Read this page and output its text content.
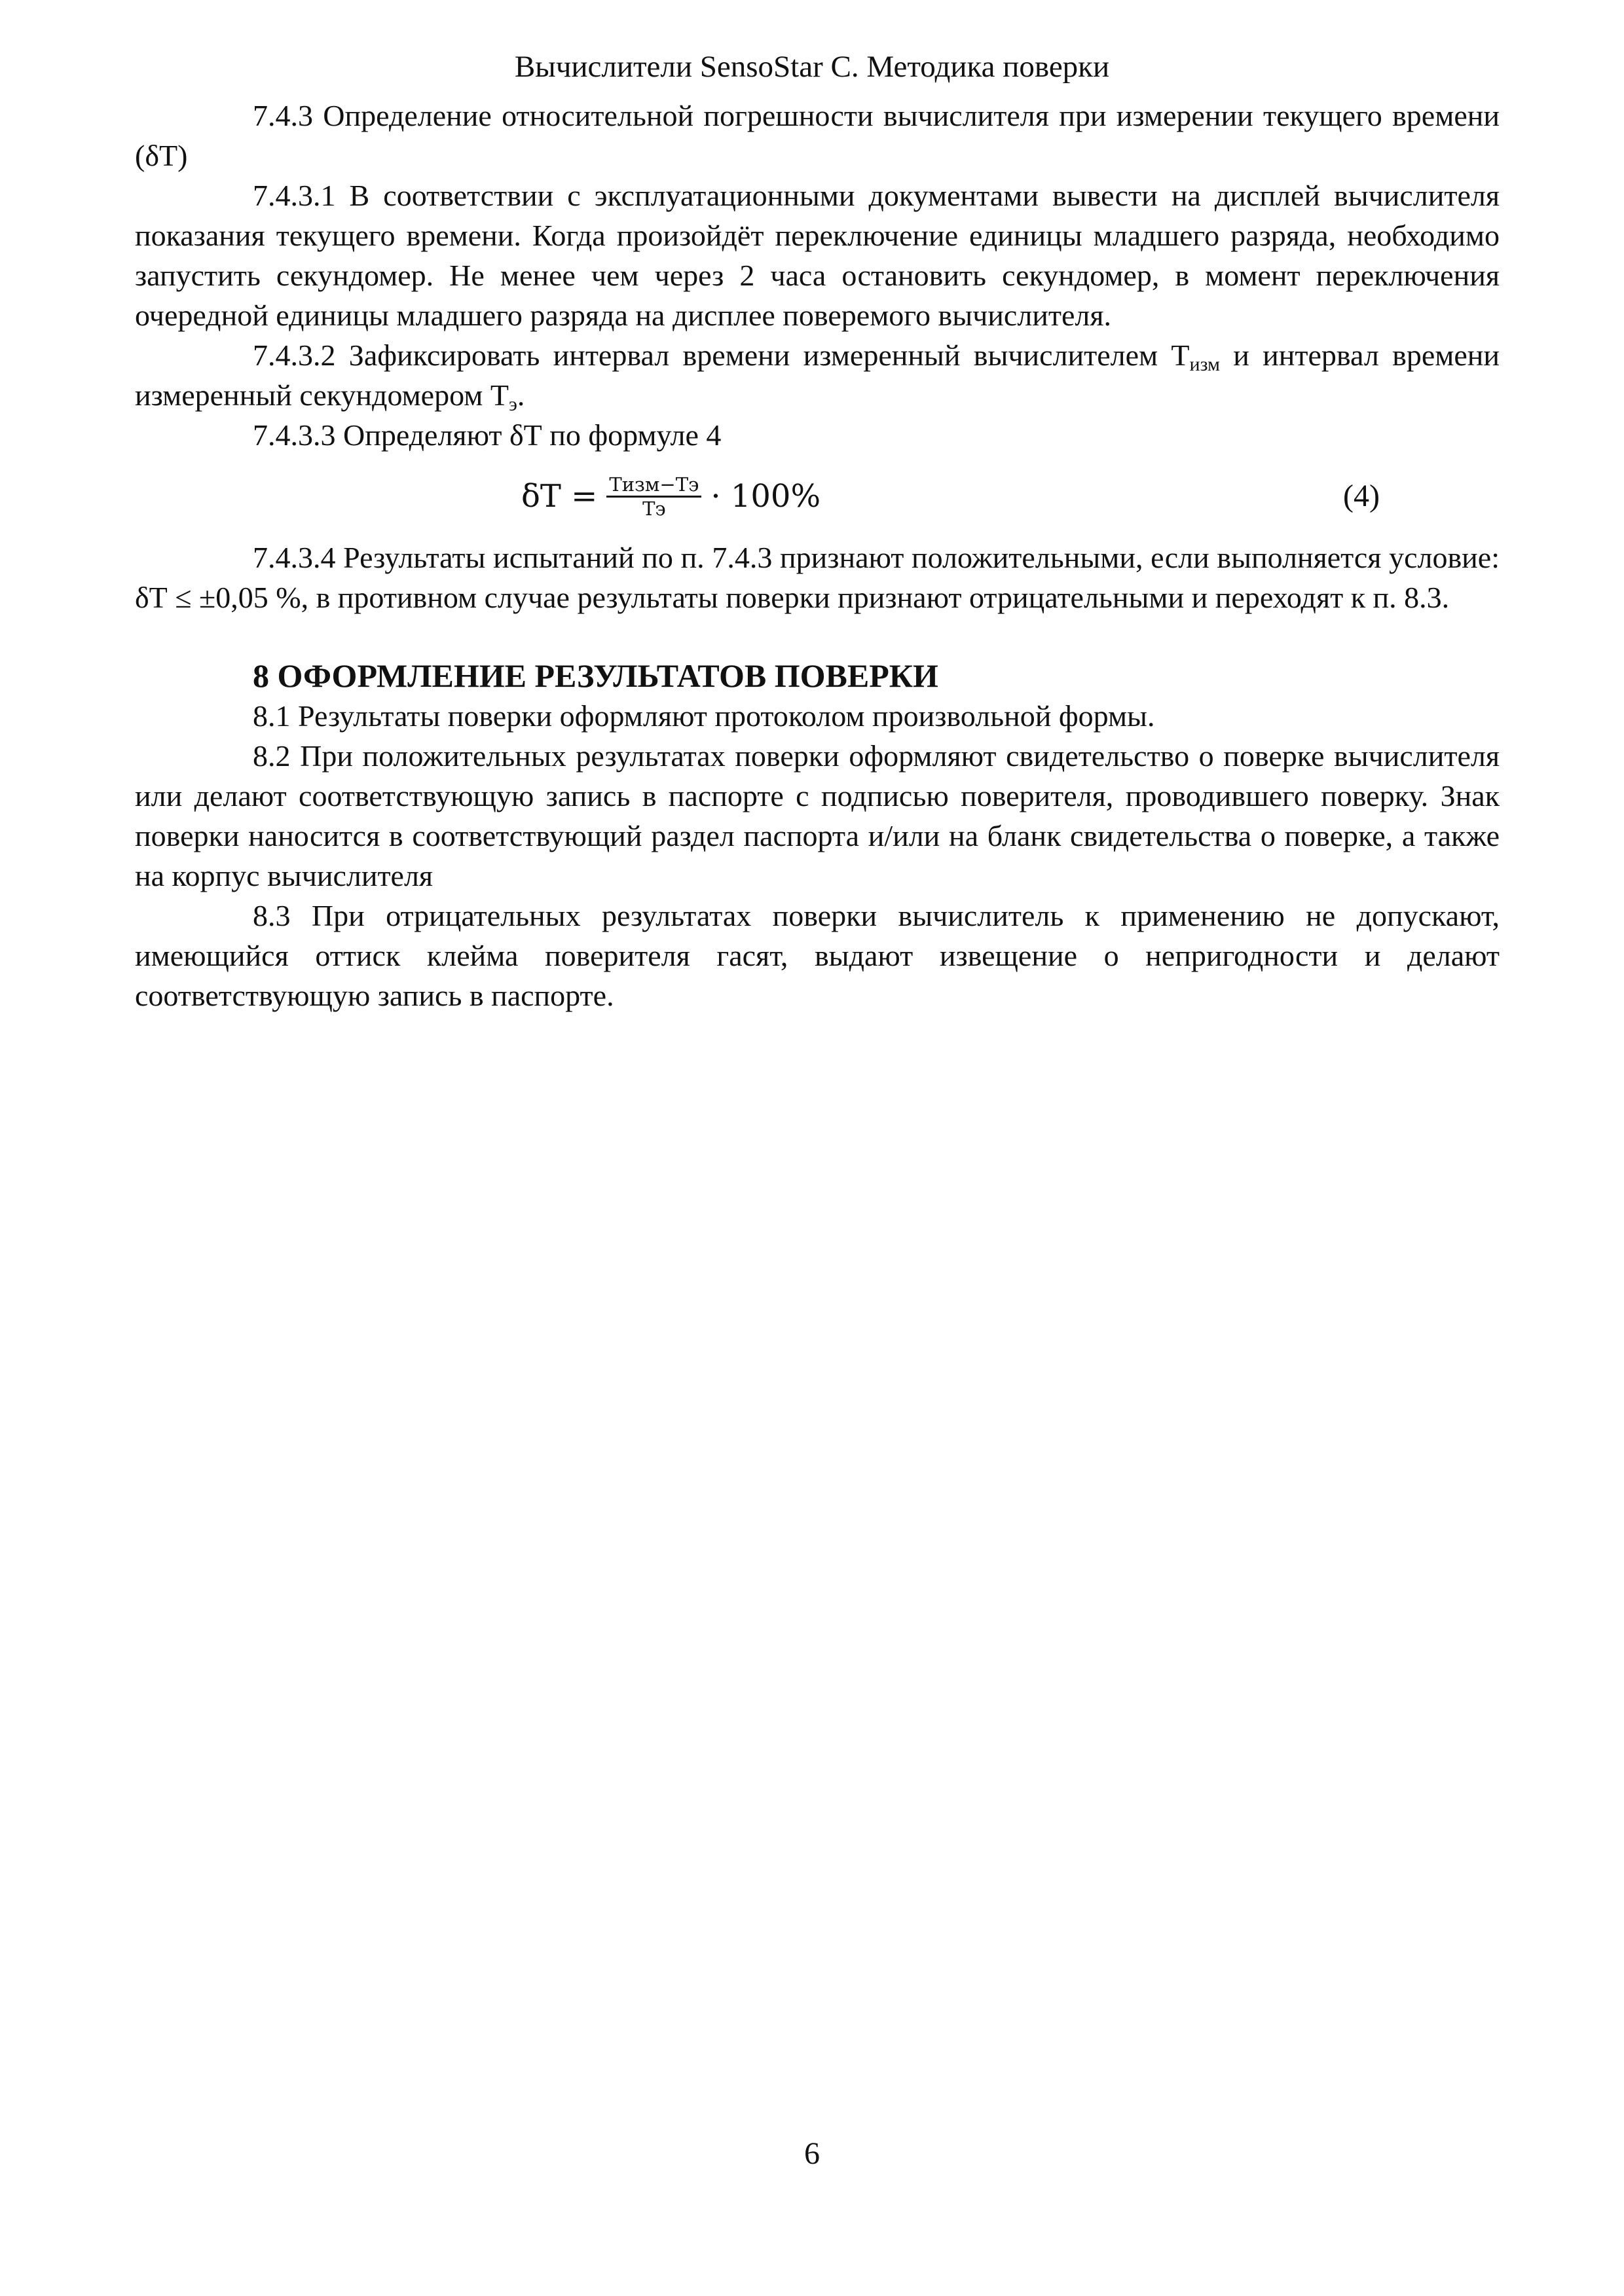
Вычислители SensoStar C. Методика поверки

7.4.3 Определение относительной погрешности вычислителя при измерении текущего времени (δТ)

7.4.3.1 В соответствии с эксплуатационными документами вывести на дисплей вычислителя показания текущего времени. Когда произойдёт переключение единицы младшего разряда, необходимо запустить секундомер. Не менее чем через 2 часа остановить секундомер, в момент переключения очередной единицы младшего разряда на дисплее поверемого вычислителя.

7.4.3.2 Зафиксировать интервал времени измеренный вычислителем $Т_{изм}$ и интервал времени измеренный секундомером $Т_э$.

7.4.3.3 Определяют δТ по формуле 4

$\delta T = \frac{\text{Tизм−Tэ}}{Tэ} \cdot 100\%$	(4)

7.4.3.4 Результаты испытаний по п. 7.4.3 признают положительными, если выполняется условие: δТ ≤ ±0,05 %, в противном случае результаты поверки признают отрицательными и переходят к п. 8.3.

8 ОФОРМЛЕНИЕ РЕЗУЛЬТАТОВ ПОВЕРКИ

8.1 Результаты поверки оформляют протоколом произвольной формы.

8.2 При положительных результатах поверки оформляют свидетельство о поверке вычислителя или делают соответствующую запись в паспорте с подписью поверителя, проводившего поверку. Знак поверки наносится в соответствующий раздел паспорта и/или на бланк свидетельства о поверке, а также на корпус вычислителя

8.3 При отрицательных результатах поверки вычислитель к применению не допускают, имеющийся оттиск клейма поверителя гасят, выдают извещение о непригодности и делают соответствующую запись в паспорте.

6
